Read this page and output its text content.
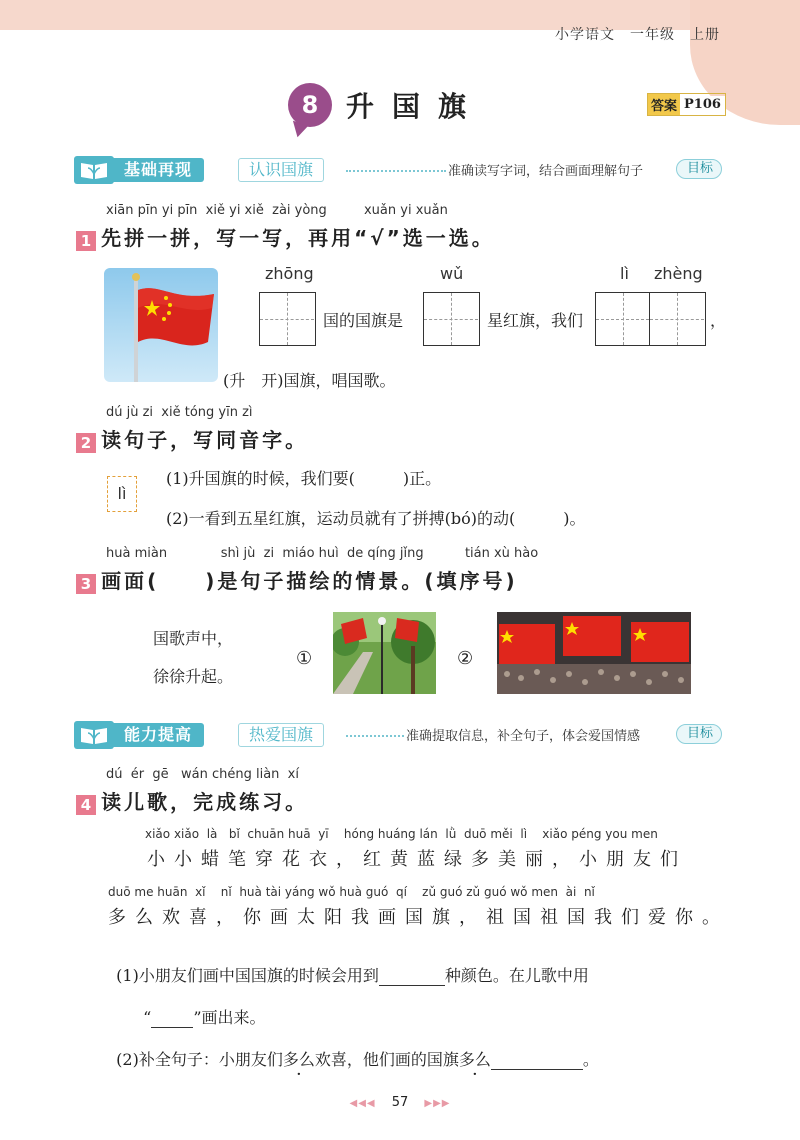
小学语文　一年级　上册
8 升国旗	答案 P106
基础再现	认识国旗	准确读写字词，结合画面理解句子	目标
xiān pīn yi pīn  xiě yi xiě  zài yòng         xuǎn yi xuǎn
1 先拼一拼，写一写，再用“√”选一选。
zhōng	wǔ	lì zhèng
国的国旗是	星红旗，我们	，
(升　开)国旗，唱国歌。
dú jù zi  xiě tóng yīn zì
2 读句子，写同音字。
lì
(1)升国旗的时候，我们要(　　　)正。
(2)一看到五星红旗，运动员就有了拼搏(bó)的动(　　　)。
huà miàn             shì jù  zi  miáo huì  de qíng jǐng          tián xù hào
3 画面(　　)是句子描绘的情景。(填序号)
国歌声中，
徐徐升起。
①	②
能力提高	热爱国旗	准确提取信息，补全句子，体会爱国情感	目标
dú  ér  gē   wán chéng liàn  xí
4 读儿歌，完成练习。
xiǎo xiǎo  là   bǐ  chuān huā  yī    hóng huáng lán  lǜ  duō měi  lì    xiǎo péng you men
小小蜡笔穿花衣，红黄蓝绿多美丽，小朋友们
duō me huān  xǐ    nǐ  huà tài yáng wǒ huà guó  qí    zǔ guó zǔ guó wǒ men  ài  nǐ
多么欢喜，你画太阳我画国旗，祖国祖国我们爱你。

(1)小朋友们画中国国旗的时候会用到	种颜色。在儿歌中用

“	”画出来。

(2)补全句子：小朋友们多么欢喜，他们画的国旗多么	。

◀◀◀ 57 ▶▶▶
